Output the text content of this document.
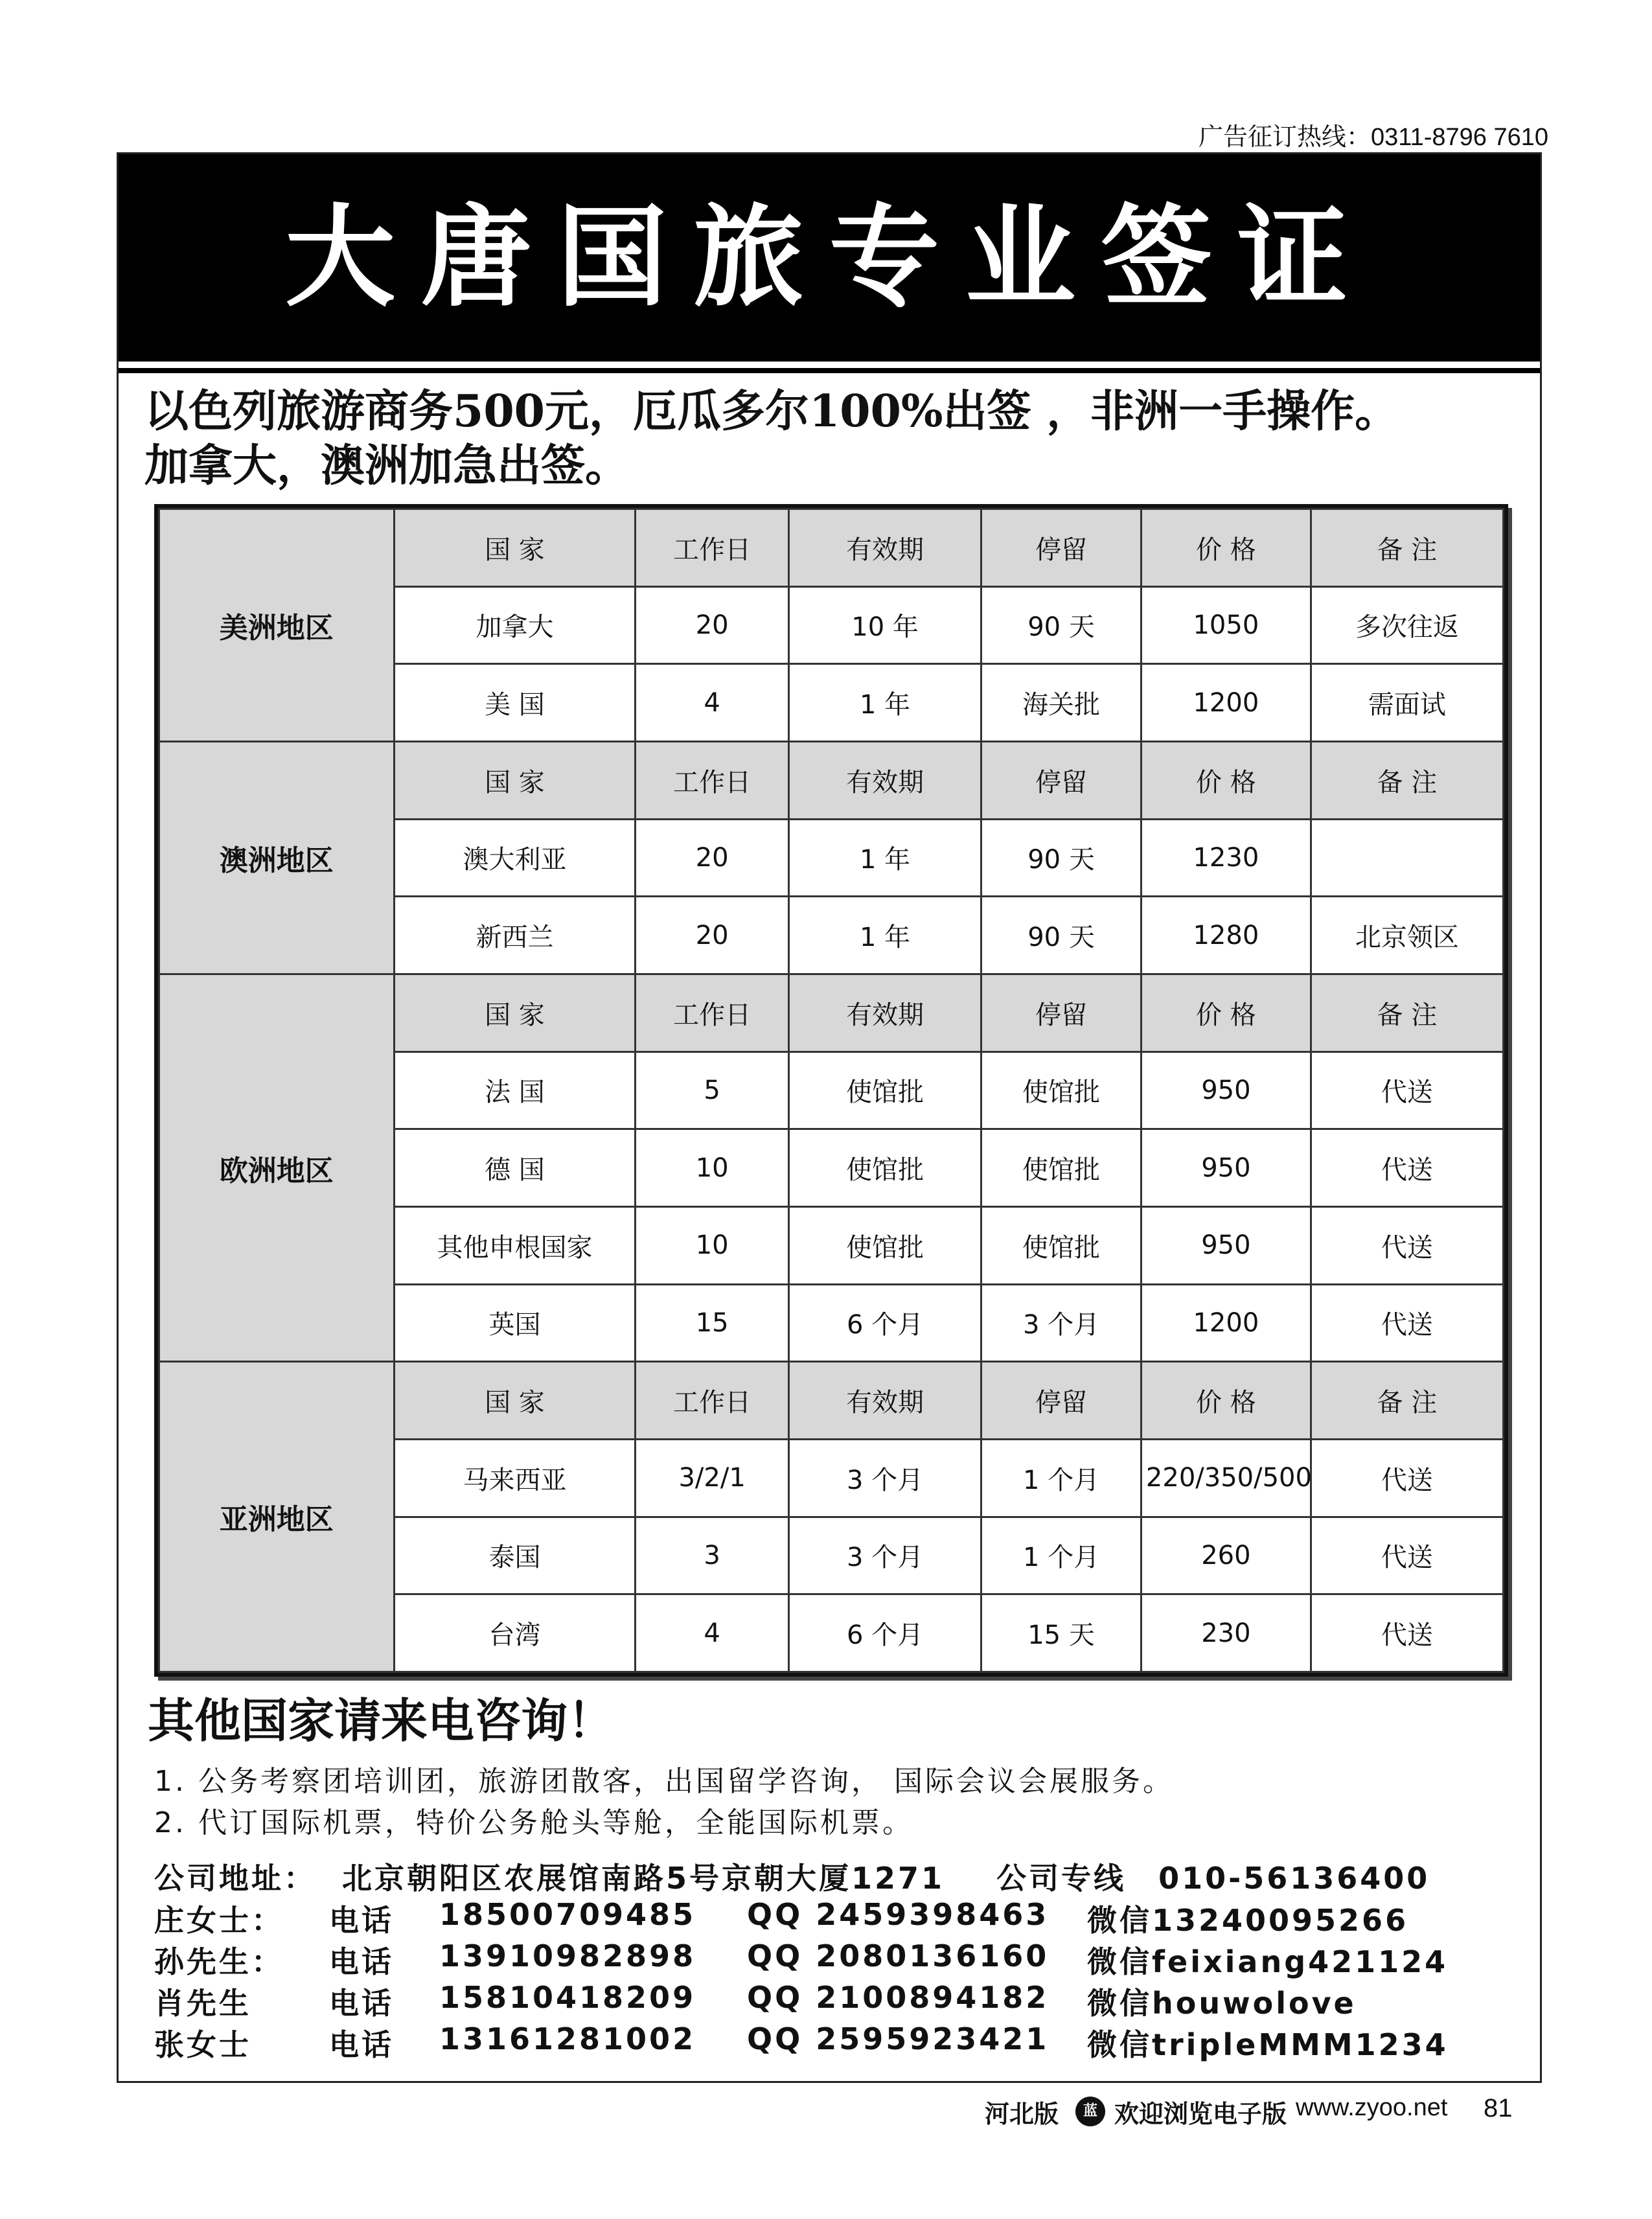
广告征订热线：0311-8796 7610
大唐国旅专业签证
以色列旅游商务500元，厄瓜多尔100%出签 ，非洲一手操作。
加拿大，澳洲加急出签。
美洲地区	国 家	工作日	有效期	停留	价 格	备 注
	加拿大	20	10 年	90 天	1050	多次往返
	美 国	4	1 年	海关批	1200	需面试
澳洲地区	国 家	工作日	有效期	停留	价 格	备 注
	澳大利亚	20	1 年	90 天	1230	
	新西兰	20	1 年	90 天	1280	北京领区
欧洲地区	国 家	工作日	有效期	停留	价 格	备 注
	法 国	5	使馆批	使馆批	950	代送
	德 国	10	使馆批	使馆批	950	代送
	其他申根国家	10	使馆批	使馆批	950	代送
	英国	15	6 个月	3 个月	1200	代送
亚洲地区	国 家	工作日	有效期	停留	价 格	备 注
	马来西亚	3/2/1	3 个月	1 个月	220/350/500	代送
	泰国	3	3 个月	1 个月	260	代送
	台湾	4	6 个月	15 天	230	代送
其他国家请来电咨询！
1. 公务考察团培训团，旅游团散客，出国留学咨询， 国际会议会展服务。
2. 代订国际机票，特价公务舱头等舱，全能国际机票。
公司地址： 北京朝阳区农展馆南路5号京朝大厦1271 公司专线 010-56136400
庄女士： 电话 18500709485 QQ 2459398463 微信13240095266
孙先生： 电话 13910982898 QQ 2080136160 微信feixiang421124
肖先生	电话 15810418209 QQ 2100894182 微信houwolove
张女士	电话 13161281002 QQ 2595923421 微信tripleMMM1234
河北版	蓝 欢迎浏览电子版 www.zyoo.net 81
